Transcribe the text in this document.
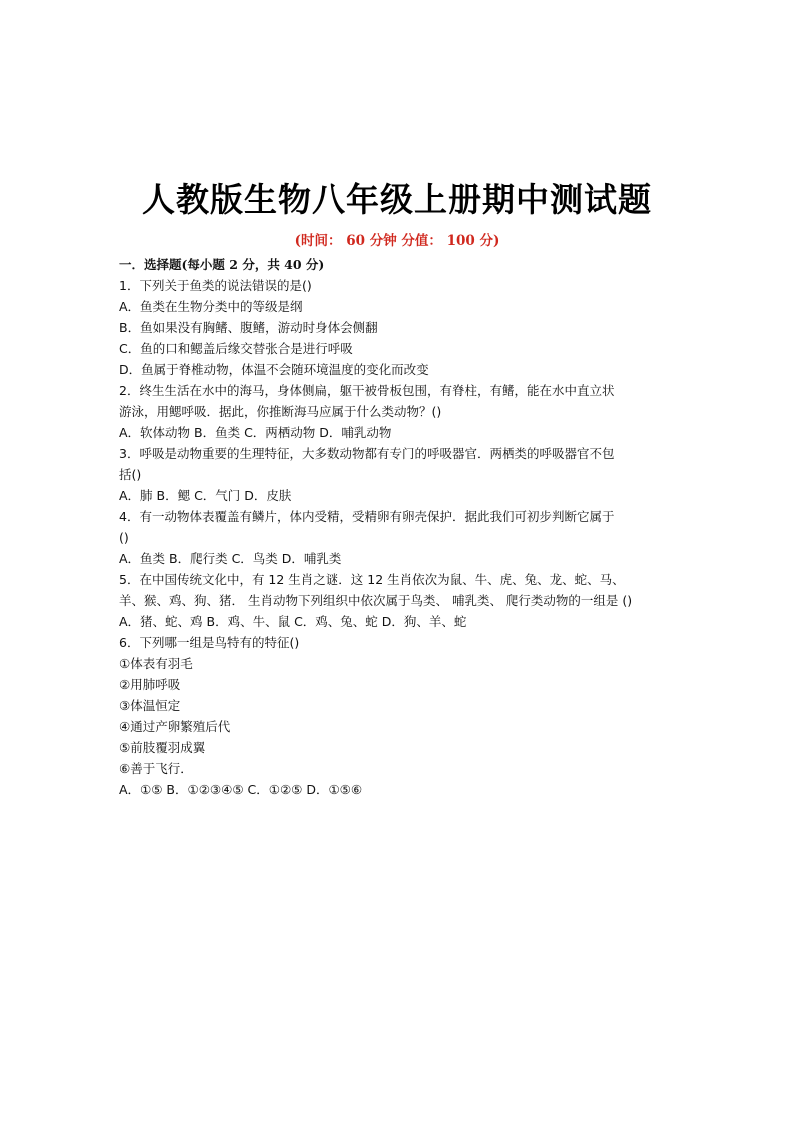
人教版生物八年级上册期中测试题
(时间： 60 分钟 分值： 100 分)
一．选择题(每小题 2 分，共 40 分)
1．下列关于鱼类的说法错误的是()
A．鱼类在生物分类中的等级是纲
B．鱼如果没有胸鳍、腹鳍，游动时身体会侧翻
C．鱼的口和鳃盖后缘交替张合是进行呼吸
D．鱼属于脊椎动物，体温不会随环境温度的变化而改变
2．终生生活在水中的海马，身体侧扁，躯干被骨板包围，有脊柱，有鳍，能在水中直立状
游泳，用鳃呼吸．据此，你推断海马应属于什么类动物？()
A．软体动物 B．鱼类 C．两栖动物 D．哺乳动物
3．呼吸是动物重要的生理特征，大多数动物都有专门的呼吸器官．两栖类的呼吸器官不包
括()
A．肺 B．鳃 C．气门 D．皮肤
4．有一动物体表覆盖有鳞片，体内受精，受精卵有卵壳保护．据此我们可初步判断它属于
()
A．鱼类 B．爬行类 C．鸟类 D．哺乳类
5．在中国传统文化中，有 12 生肖之谜．这 12 生肖依次为鼠、牛、虎、兔、龙、蛇、马、
羊、猴、鸡、狗、猪． 生肖动物下列组织中依次属于鸟类、 哺乳类、 爬行类动物的一组是 ()
A．猪、蛇、鸡 B．鸡、牛、鼠 C．鸡、兔、蛇 D．狗、羊、蛇
6．下列哪一组是鸟特有的特征()
①体表有羽毛
②用肺呼吸
③体温恒定
④通过产卵繁殖后代
⑤前肢覆羽成翼
⑥善于飞行．
A．①⑤ B．①②③④⑤ C．①②⑤ D．①⑤⑥
